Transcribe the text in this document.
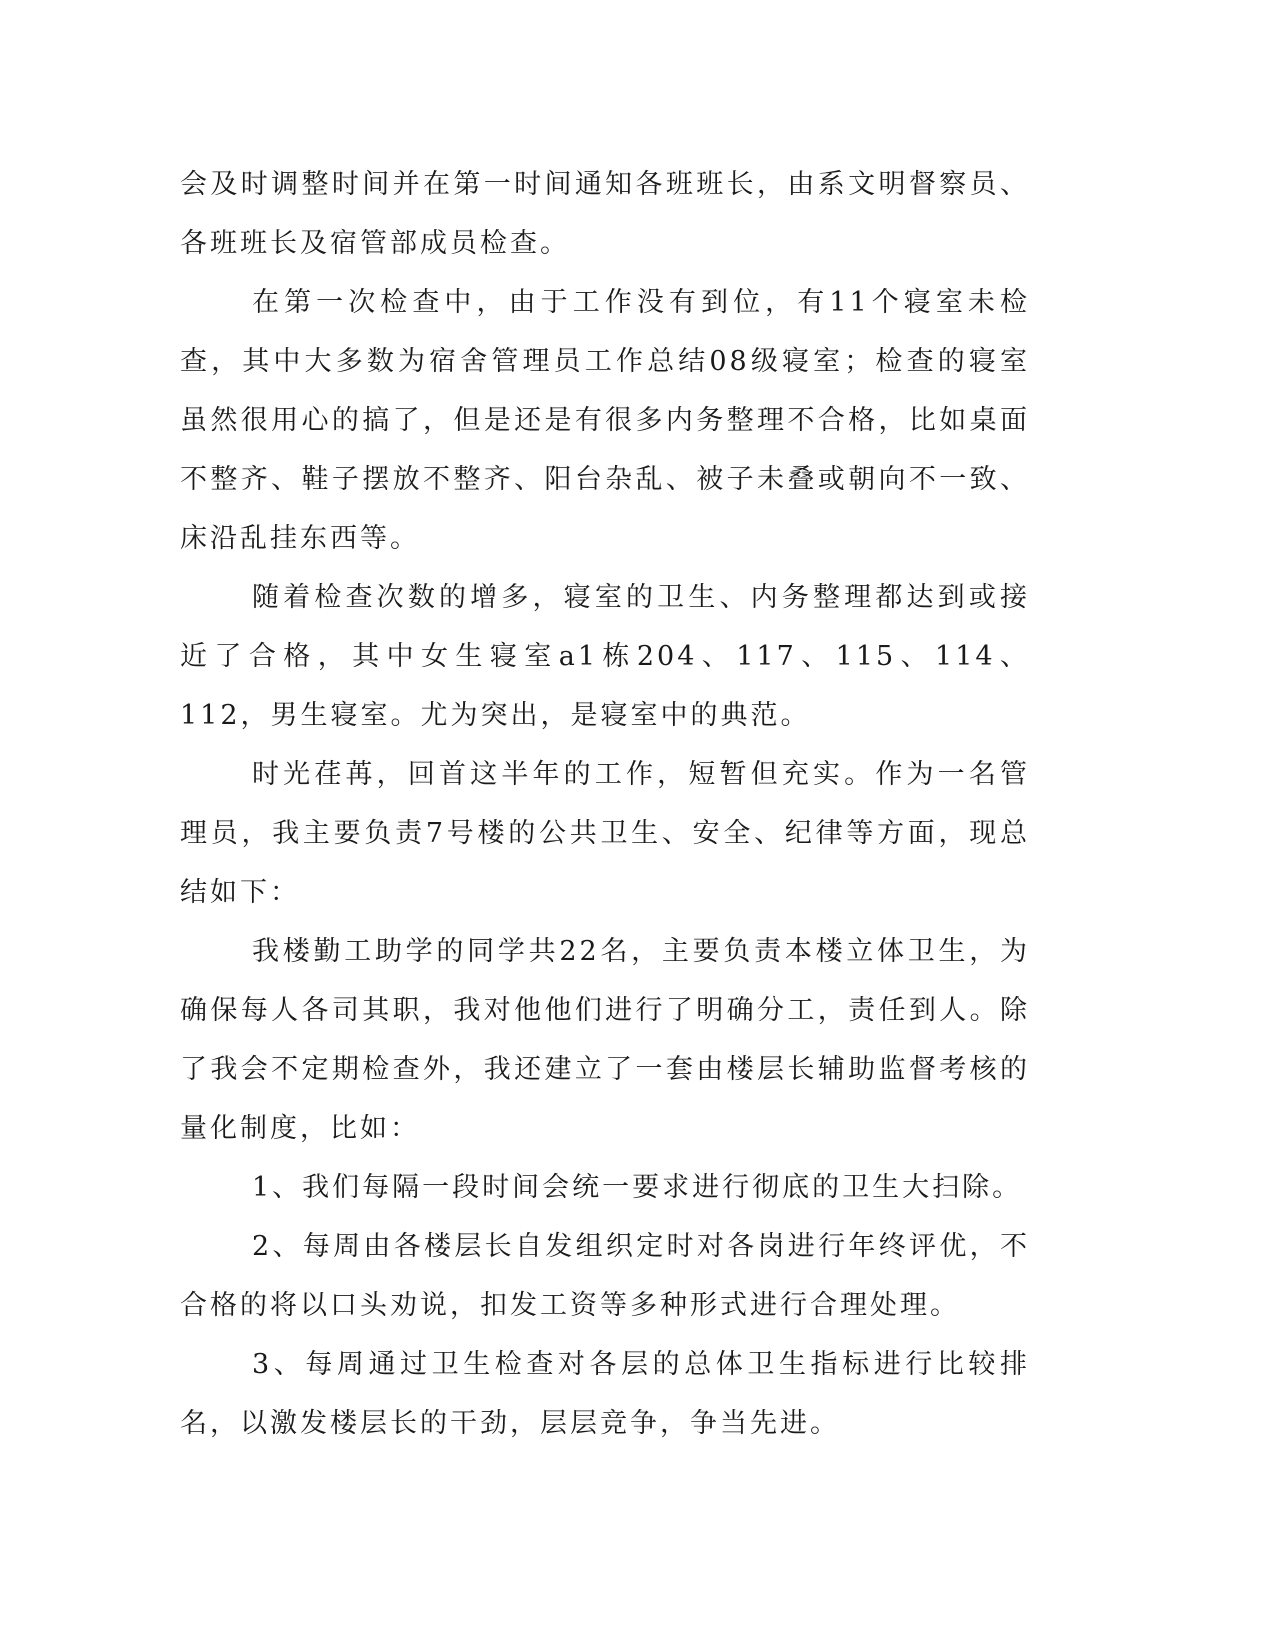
会及时调整时间并在第一时间通知各班班长，由系文明督察员、各班班长及宿管部成员检查。

在第一次检查中，由于工作没有到位，有11个寝室未检查，其中大多数为宿舍管理员工作总结08级寝室；检查的寝室虽然很用心的搞了，但是还是有很多内务整理不合格，比如桌面不整齐、鞋子摆放不整齐、阳台杂乱、被子未叠或朝向不一致、床沿乱挂东西等。

随着检查次数的增多，寝室的卫生、内务整理都达到或接近了合格，其中女生寝室a1栋204、117、115、114、112，男生寝室。尤为突出，是寝室中的典范。

时光荏苒，回首这半年的工作，短暂但充实。作为一名管理员，我主要负责7号楼的公共卫生、安全、纪律等方面，现总结如下：

我楼勤工助学的同学共22名，主要负责本楼立体卫生，为确保每人各司其职，我对他他们进行了明确分工，责任到人。除了我会不定期检查外，我还建立了一套由楼层长辅助监督考核的量化制度，比如：

1、我们每隔一段时间会统一要求进行彻底的卫生大扫除。

2、每周由各楼层长自发组织定时对各岗进行年终评优，不合格的将以口头劝说，扣发工资等多种形式进行合理处理。

3、每周通过卫生检查对各层的总体卫生指标进行比较排名，以激发楼层长的干劲，层层竞争，争当先进。
